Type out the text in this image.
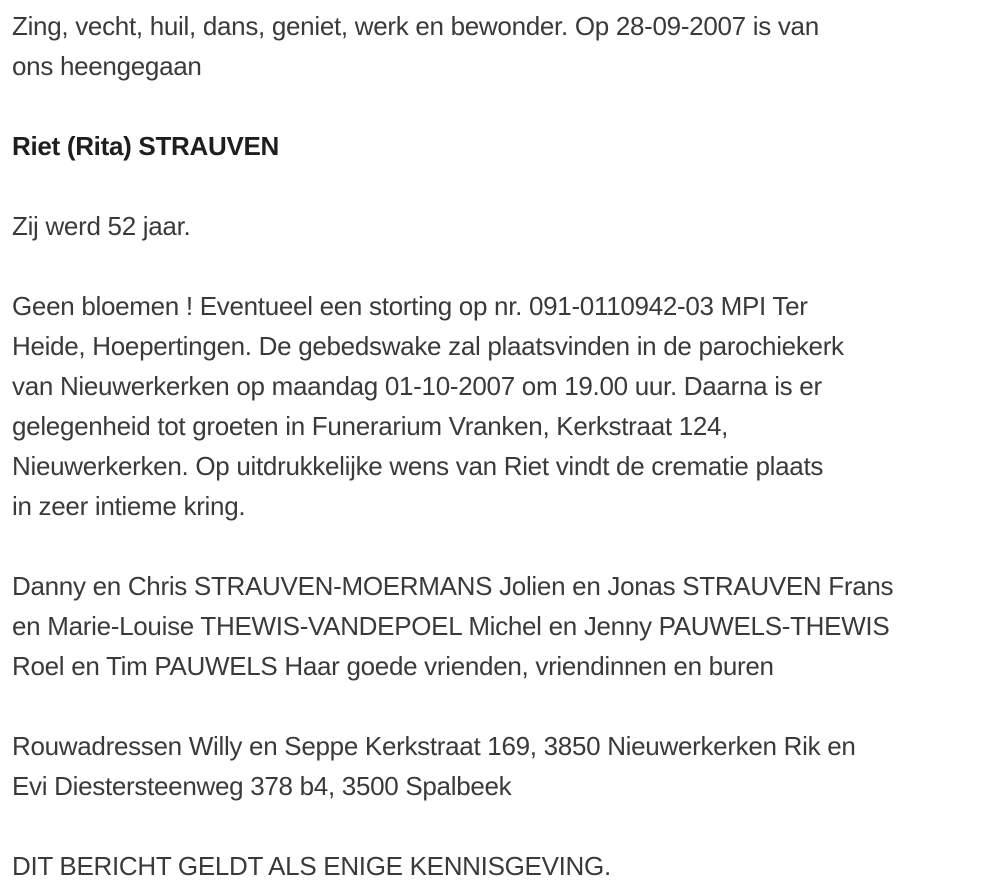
Zing, vecht, huil, dans, geniet, werk en bewonder. Op 28-09-2007 is van
ons heengegaan
Riet (Rita) STRAUVEN
Zij werd 52 jaar.
Geen bloemen ! Eventueel een storting op nr. 091-0110942-03 MPI Ter
Heide, Hoepertingen. De gebedswake zal plaatsvinden in de parochiekerk
van Nieuwerkerken op maandag 01-10-2007 om 19.00 uur. Daarna is er
gelegenheid tot groeten in Funerarium Vranken, Kerkstraat 124,
Nieuwerkerken. Op uitdrukkelijke wens van Riet vindt de crematie plaats
in zeer intieme kring.
Danny en Chris STRAUVEN-MOERMANS Jolien en Jonas STRAUVEN Frans
en Marie-Louise THEWIS-VANDEPOEL Michel en Jenny PAUWELS-THEWIS
Roel en Tim PAUWELS Haar goede vrienden, vriendinnen en buren
Rouwadressen Willy en Seppe Kerkstraat 169, 3850 Nieuwerkerken Rik en
Evi Diestersteenweg 378 b4, 3500 Spalbeek
DIT BERICHT GELDT ALS ENIGE KENNISGEVING.
